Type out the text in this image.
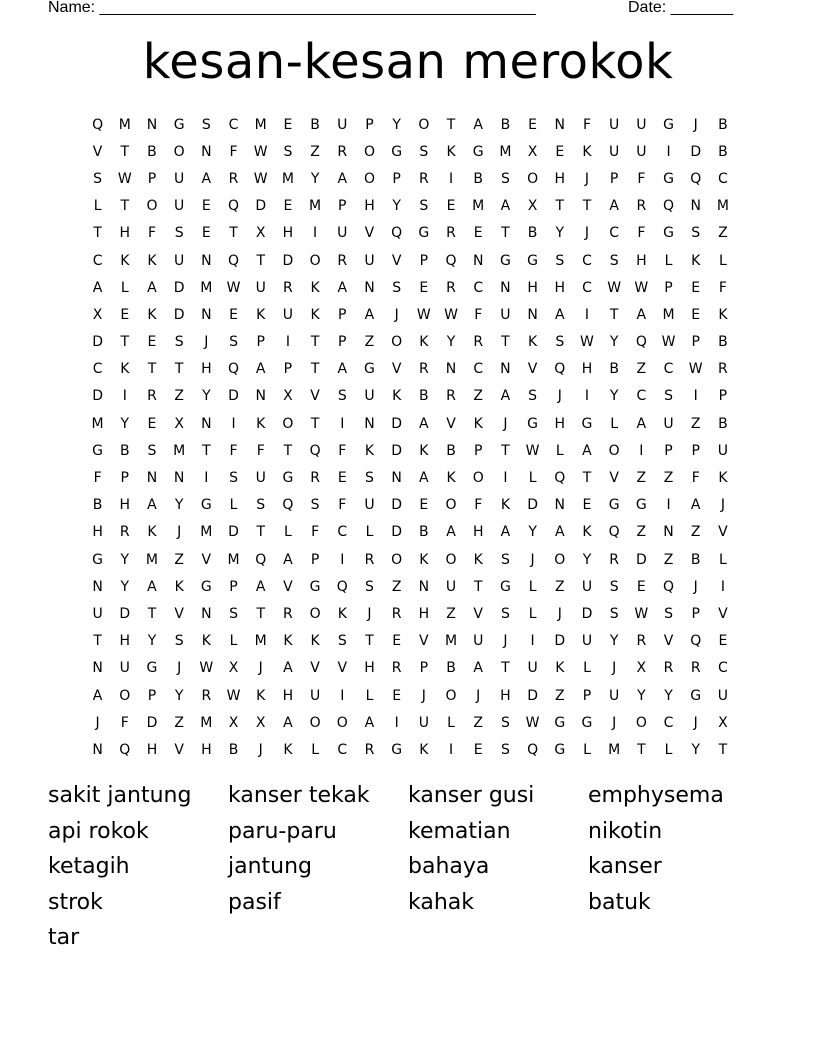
Name: _________________________________________________	Date: _______
kesan-kesan merokok
Q	M	N	G	S	C	M	E	B	U	P	Y	O	T	A	B	E	N	F	U	U	G	J	B
V	T	B	O	N	F	W	S	Z	R	O	G	S	K	G	M	X	E	K	U	U	I	D	B
S	W	P	U	A	R	W	M	Y	A	O	P	R	I	B	S	O	H	J	P	F	G	Q	C
L	T	O	U	E	Q	D	E	M	P	H	Y	S	E	M	A	X	T	T	A	R	Q	N	M
T	H	F	S	E	T	X	H	I	U	V	Q	G	R	E	T	B	Y	J	C	F	G	S	Z
C	K	K	U	N	Q	T	D	O	R	U	V	P	Q	N	G	G	S	C	S	H	L	K	L
A	L	A	D	M	W	U	R	K	A	N	S	E	R	C	N	H	H	C	W W	P	E	F
X	E	K	D	N	E	K	U	K	P	A	J	W W	F	U	N	A	I	T	A	M	E	K
D	T	E	S	J	S	P	I	T	P	Z	O	K	Y	R	T	K	S	W	Y	Q	W	P	B
C	K	T	T	H	Q	A	P	T	A	G	V	R	N	C	N	V	Q	H	B	Z	C	W	R
D	I	R	Z	Y	D	N	X	V	S	U	K	B	R	Z	A	S	J	I	Y	C	S	I	P
M	Y	E	X	N	I	K	O	T	I	N	D	A	V	K	J	G	H	G	L	A	U	Z	B
G	B	S	M	T	F	F	T	Q	F	K	D	K	B	P	T	W	L	A	O	I	P	P	U
F	P	N	N	I	S	U	G	R	E	S	N	A	K	O	I	L	Q	T	V	Z	Z	F	K
B	H	A	Y	G	L	S	Q	S	F	U	D	E	O	F	K	D	N	E	G	G	I	A	J
H	R	K	J	M	D	T	L	F	C	L	D	B	A	H	A	Y	A	K	Q	Z	N	Z	V
G	Y	M	Z	V	M	Q	A	P	I	R	O	K	O	K	S	J	O	Y	R	D	Z	B	L
N	Y	A	K	G	P	A	V	G	Q	S	Z	N	U	T	G	L	Z	U	S	E	Q	J	I
U	D	T	V	N	S	T	R	O	K	J	R	H	Z	V	S	L	J	D	S	W	S	P	V
T	H	Y	S	K	L	M	K	K	S	T	E	V	M	U	J	I	D	U	Y	R	V	Q	E
N	U	G	J	W	X	J	A	V	V	H	R	P	B	A	T	U	K	L	J	X	R	R	C
A	O	P	Y	R	W	K	H	U	I	L	E	J	O	J	H	D	Z	P	U	Y	Y	G	U
J	F	D	Z	M	X	X	A	O	O	A	I	U	L	Z	S	W	G	G	J	O	C	J	X
N	Q	H	V	H	B	J	K	L	C	R	G	K	I	E	S	Q	G	L	M	T	L	Y	T
sakit jantung	kanser tekak	kanser gusi	emphysema
api rokok	paru-paru	kematian	nikotin
ketagih	jantung	bahaya	kanser
strok	pasif	kahak	batuk
tar
